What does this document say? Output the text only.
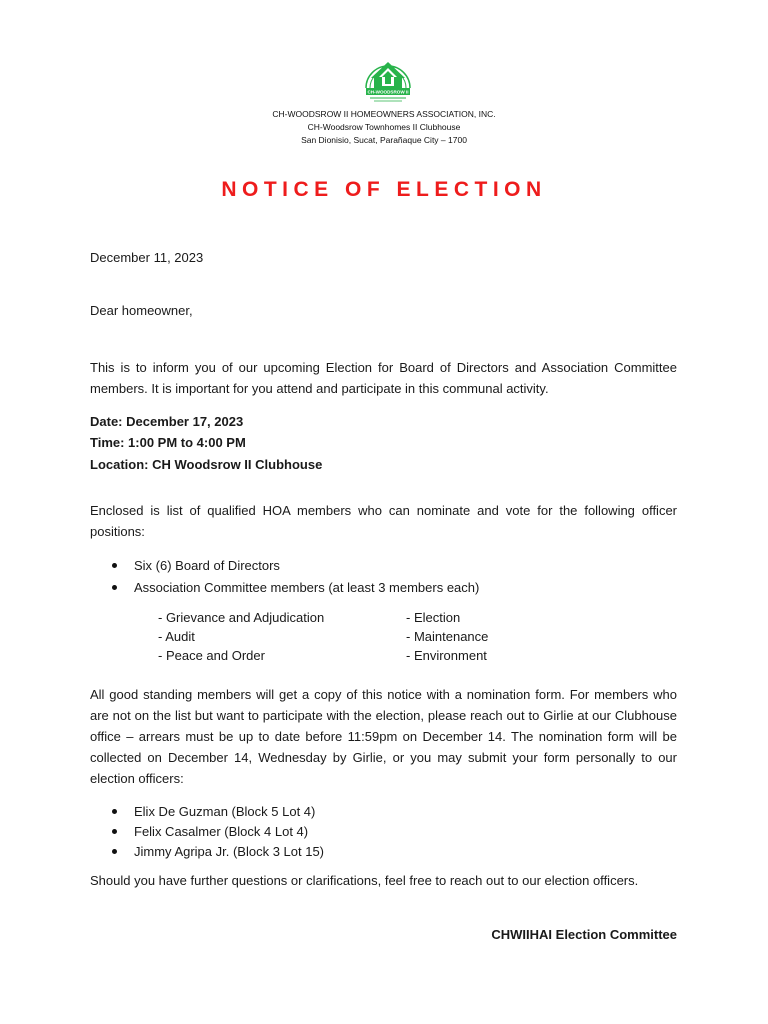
CH-WOODSROW II
CH-WOODSROW II HOMEOWNERS ASSOCIATION, INC.
CH-Woodsrow Townhomes II Clubhouse
San Dionisio, Sucat, Parañaque City – 1700
NOTICE OF ELECTION
December 11, 2023
Dear homeowner,
This is to inform you of our upcoming Election for Board of Directors and Association Committee members. It is important for you attend and participate in this communal activity.
Date: December 17, 2023
Time: 1:00 PM to 4:00 PM
Location: CH Woodsrow II Clubhouse
Enclosed is list of qualified HOA members who can nominate and vote for the following officer positions:
Six (6) Board of Directors
Association Committee members (at least 3 members each)
- Grievance and Adjudication
- Audit
- Peace and Order
- Election
- Maintenance
- Environment
All good standing members will get a copy of this notice with a nomination form. For members who are not on the list but want to participate with the election, please reach out to Girlie at our Clubhouse office – arrears must be up to date before 11:59pm on December 14. The nomination form will be collected on December 14, Wednesday by Girlie, or you may submit your form personally to our election officers:
Elix De Guzman (Block 5 Lot 4)
Felix Casalmer (Block 4 Lot 4)
Jimmy Agripa Jr. (Block 3 Lot 15)
Should you have further questions or clarifications, feel free to reach out to our election officers.
CHWIIHAI Election Committee
